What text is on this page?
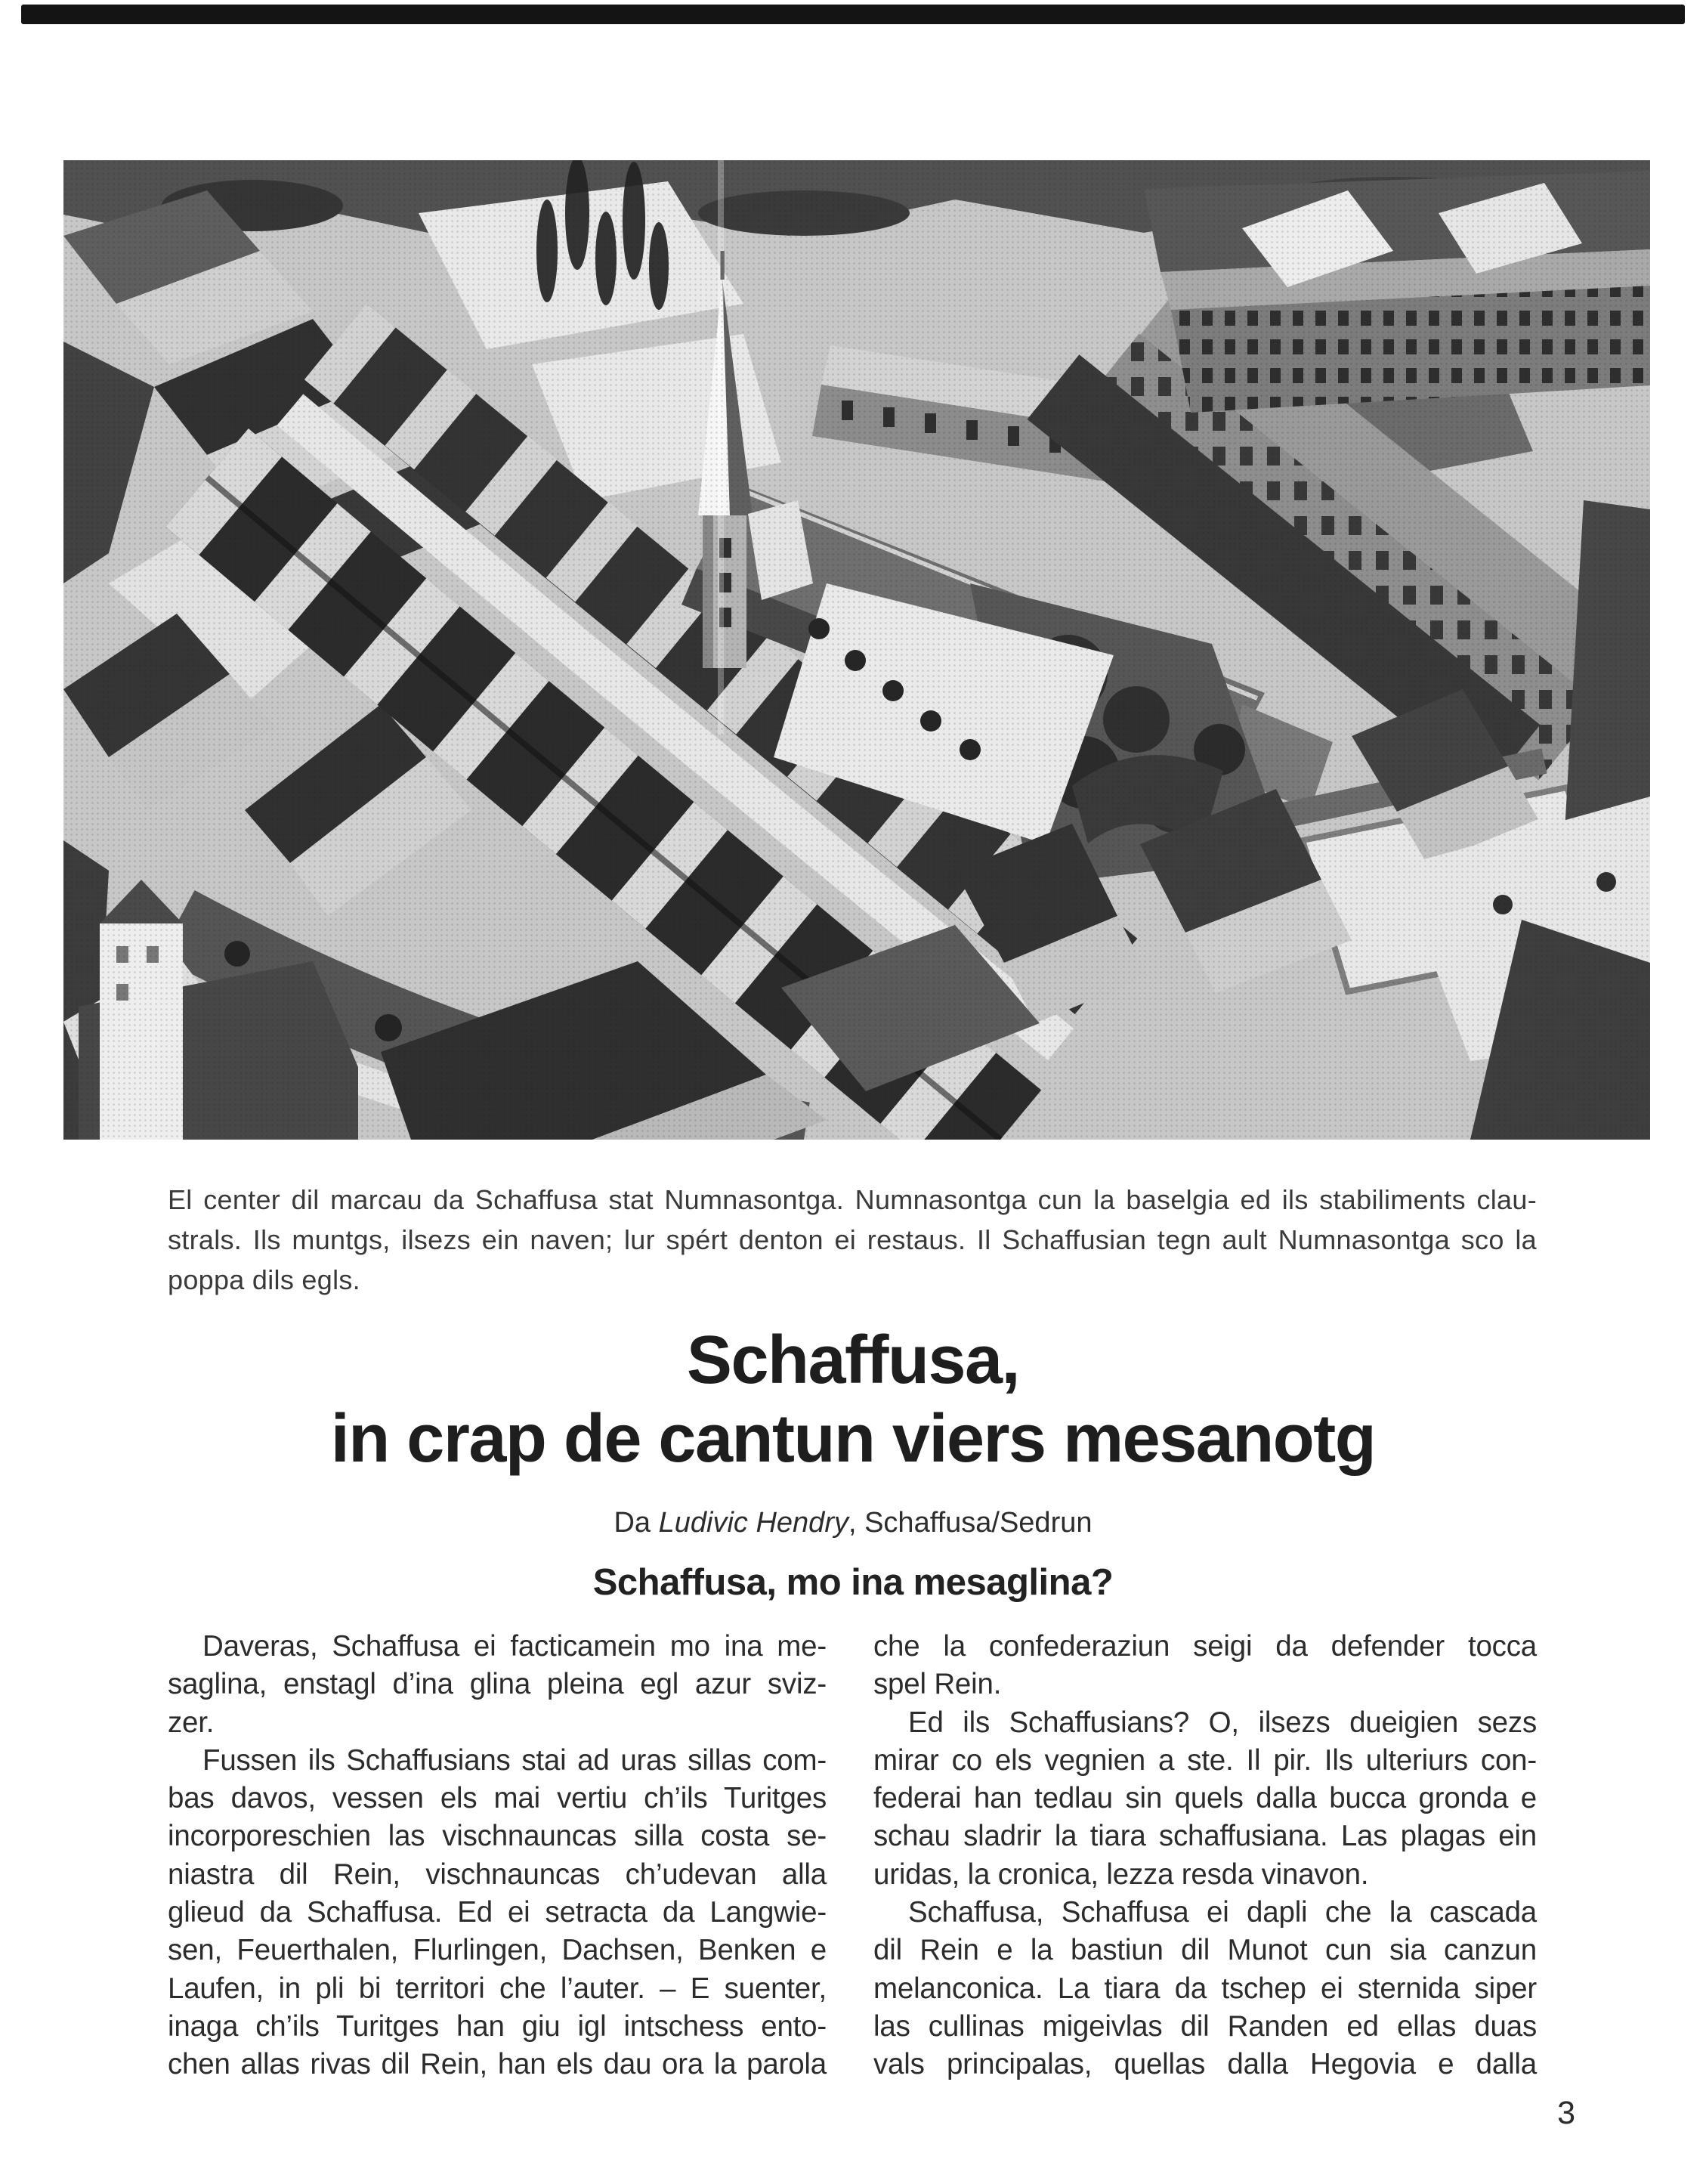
El center dil marcau da Schaffusa stat Numnasontga. Numnasontga cun la baselgia ed ils stabiliments clau-
strals. Ils muntgs, ilsezs ein naven; lur spért denton ei restaus. Il Schaffusian tegn ault Numnasontga sco la
poppa dils egls.
Schaffusa,
in crap de cantun viers mesanotg
Da Ludivic Hendry, Schaffusa/Sedrun
Schaffusa, mo ina mesaglina?
Daveras, Schaffusa ei facticamein mo ina me-
saglina, enstagl d’ina glina pleina egl azur sviz-
zer.
Fussen ils Schaffusians stai ad uras sillas com-
bas davos, vessen els mai vertiu ch’ils Turitges
incorporeschien las vischnauncas silla costa se-
niastra dil Rein, vischnauncas ch’udevan alla
glieud da Schaffusa. Ed ei setracta da Langwie-
sen, Feuerthalen, Flurlingen, Dachsen, Benken e
Laufen, in pli bi territori che l’auter. – E suenter,
inaga ch’ils Turitges han giu igl intschess ento-
chen allas rivas dil Rein, han els dau ora la parola
che la confederaziun seigi da defender tocca
spel Rein.
Ed ils Schaffusians? O, ilsezs dueigien sezs
mirar co els vegnien a ste. Il pir. Ils ulteriurs con-
federai han tedlau sin quels dalla bucca gronda e
schau sladrir la tiara schaffusiana. Las plagas ein
uridas, la cronica, lezza resda vinavon.
Schaffusa, Schaffusa ei dapli che la cascada
dil Rein e la bastiun dil Munot cun sia canzun
melanconica. La tiara da tschep ei sternida siper
las cullinas migeivlas dil Randen ed ellas duas
vals principalas, quellas dalla Hegovia e dalla
3
